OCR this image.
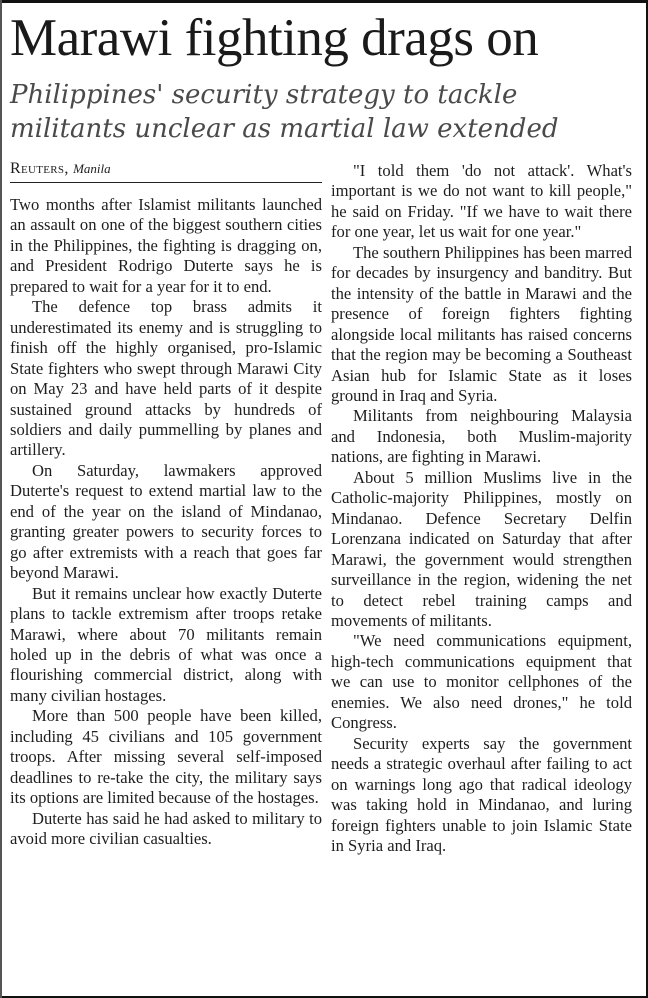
Marawi fighting drags on
Philippines' security strategy to tackle militants unclear as martial law extended
Reuters, Manila

Two months after Islamist militants launched an assault on one of the biggest southern cities in the Philippines, the fighting is dragging on, and President Rodrigo Duterte says he is prepared to wait for a year for it to end.

The defence top brass admits it underestimated its enemy and is struggling to finish off the highly organised, pro-Islamic State fighters who swept through Marawi City on May 23 and have held parts of it despite sustained ground attacks by hundreds of soldiers and daily pummelling by planes and artillery.

On Saturday, lawmakers approved Duterte's request to extend martial law to the end of the year on the island of Mindanao, granting greater powers to security forces to go after extremists with a reach that goes far beyond Marawi.

But it remains unclear how exactly Duterte plans to tackle extremism after troops retake Marawi, where about 70 militants remain holed up in the debris of what was once a flourishing commercial district, along with many civilian hostages.

More than 500 people have been killed, including 45 civilians and 105 government troops. After missing several self-imposed deadlines to re-take the city, the military says its options are limited because of the hostages.

Duterte has said he had asked to military to avoid more civilian casualties.

"I told them 'do not attack'. What's important is we do not want to kill people," he said on Friday. "If we have to wait there for one year, let us wait for one year."

The southern Philippines has been marred for decades by insurgency and banditry. But the intensity of the battle in Marawi and the presence of foreign fighters fighting alongside local militants has raised concerns that the region may be becoming a Southeast Asian hub for Islamic State as it loses ground in Iraq and Syria.

Militants from neighbouring Malaysia and Indonesia, both Muslim-majority nations, are fighting in Marawi.

About 5 million Muslims live in the Catholic-majority Philippines, mostly on Mindanao. Defence Secretary Delfin Lorenzana indicated on Saturday that after Marawi, the government would strengthen surveillance in the region, widening the net to detect rebel training camps and movements of militants.

"We need communications equipment, high-tech communications equipment that we can use to monitor cellphones of the enemies. We also need drones," he told Congress.

Security experts say the government needs a strategic overhaul after failing to act on warnings long ago that radical ideology was taking hold in Mindanao, and luring foreign fighters unable to join Islamic State in Syria and Iraq.
